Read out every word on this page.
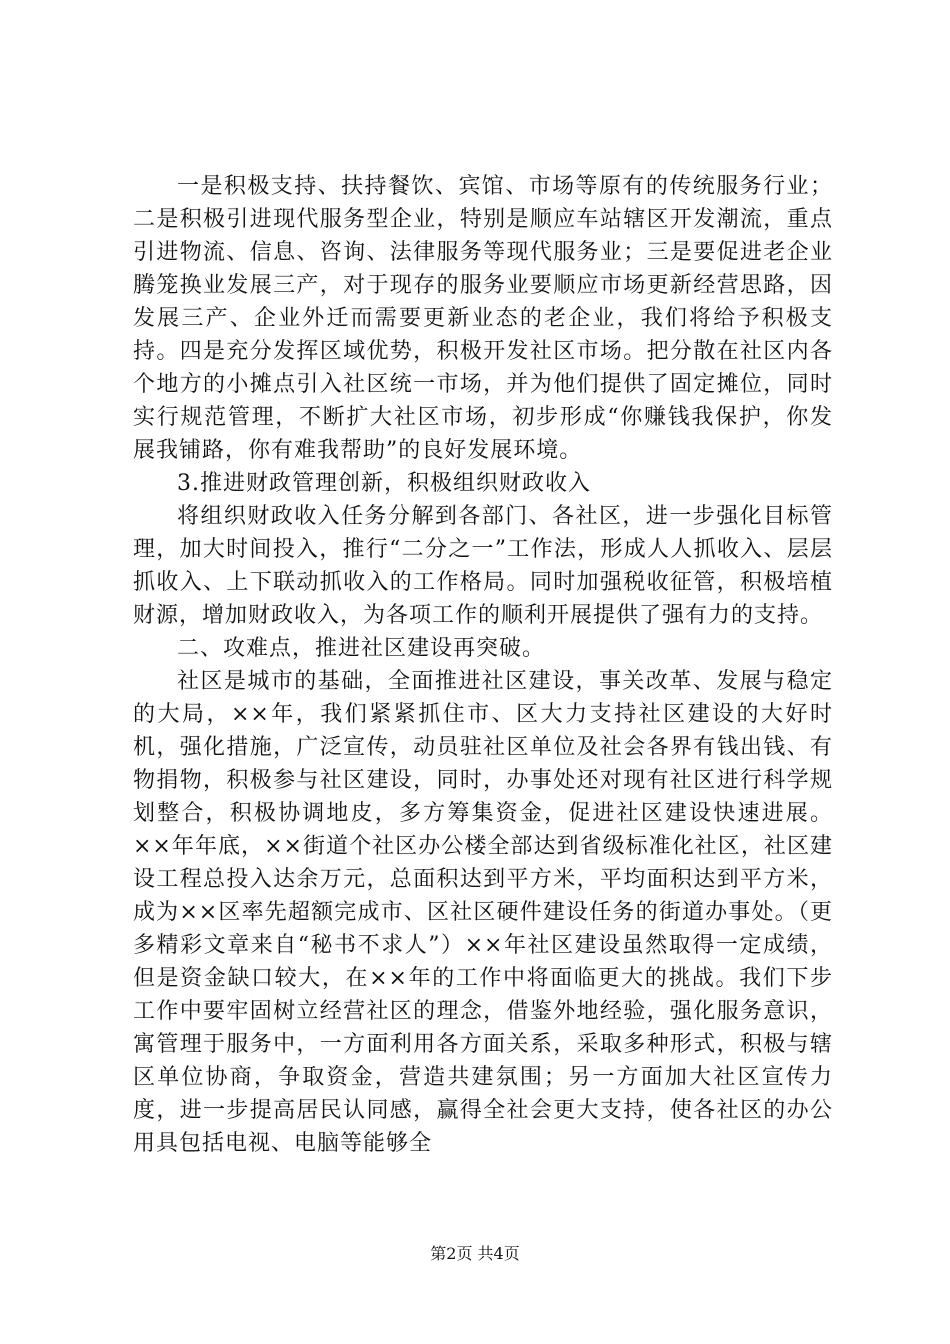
一是积极支持、扶持餐饮、宾馆、市场等原有的传统服务行业；二是积极引进现代服务型企业，特别是顺应车站辖区开发潮流，重点引进物流、信息、咨询、法律服务等现代服务业；三是要促进老企业腾笼换业发展三产，对于现存的服务业要顺应市场更新经营思路，因发展三产、企业外迁而需要更新业态的老企业，我们将给予积极支持。四是充分发挥区域优势，积极开发社区市场。把分散在社区内各个地方的小摊点引入社区统一市场，并为他们提供了固定摊位，同时实行规范管理，不断扩大社区市场，初步形成“你赚钱我保护，你发展我铺路，你有难我帮助”的良好发展环境。

3.推进财政管理创新，积极组织财政收入

将组织财政收入任务分解到各部门、各社区，进一步强化目标管理，加大时间投入，推行“二分之一”工作法，形成人人抓收入、层层抓收入、上下联动抓收入的工作格局。同时加强税收征管，积极培植财源，增加财政收入，为各项工作的顺利开展提供了强有力的支持。

二、攻难点，推进社区建设再突破。

社区是城市的基础，全面推进社区建设，事关改革、发展与稳定的大局，××年，我们紧紧抓住市、区大力支持社区建设的大好时机，强化措施，广泛宣传，动员驻社区单位及社会各界有钱出钱、有物捐物，积极参与社区建设，同时，办事处还对现有社区进行科学规划整合，积极协调地皮，多方筹集资金，促进社区建设快速进展。××年年底，××街道个社区办公楼全部达到省级标准化社区，社区建设工程总投入达余万元，总面积达到平方米，平均面积达到平方米，成为××区率先超额完成市、区社区硬件建设任务的街道办事处。（更多精彩文章来自“秘书不求人”）××年社区建设虽然取得一定成绩，但是资金缺口较大，在××年的工作中将面临更大的挑战。我们下步工作中要牢固树立经营社区的理念，借鉴外地经验，强化服务意识，寓管理于服务中，一方面利用各方面关系，采取多种形式，积极与辖区单位协商，争取资金，营造共建氛围；另一方面加大社区宣传力度，进一步提高居民认同感，赢得全社会更大支持，使各社区的办公用具包括电视、电脑等能够全

第2页 共4页
